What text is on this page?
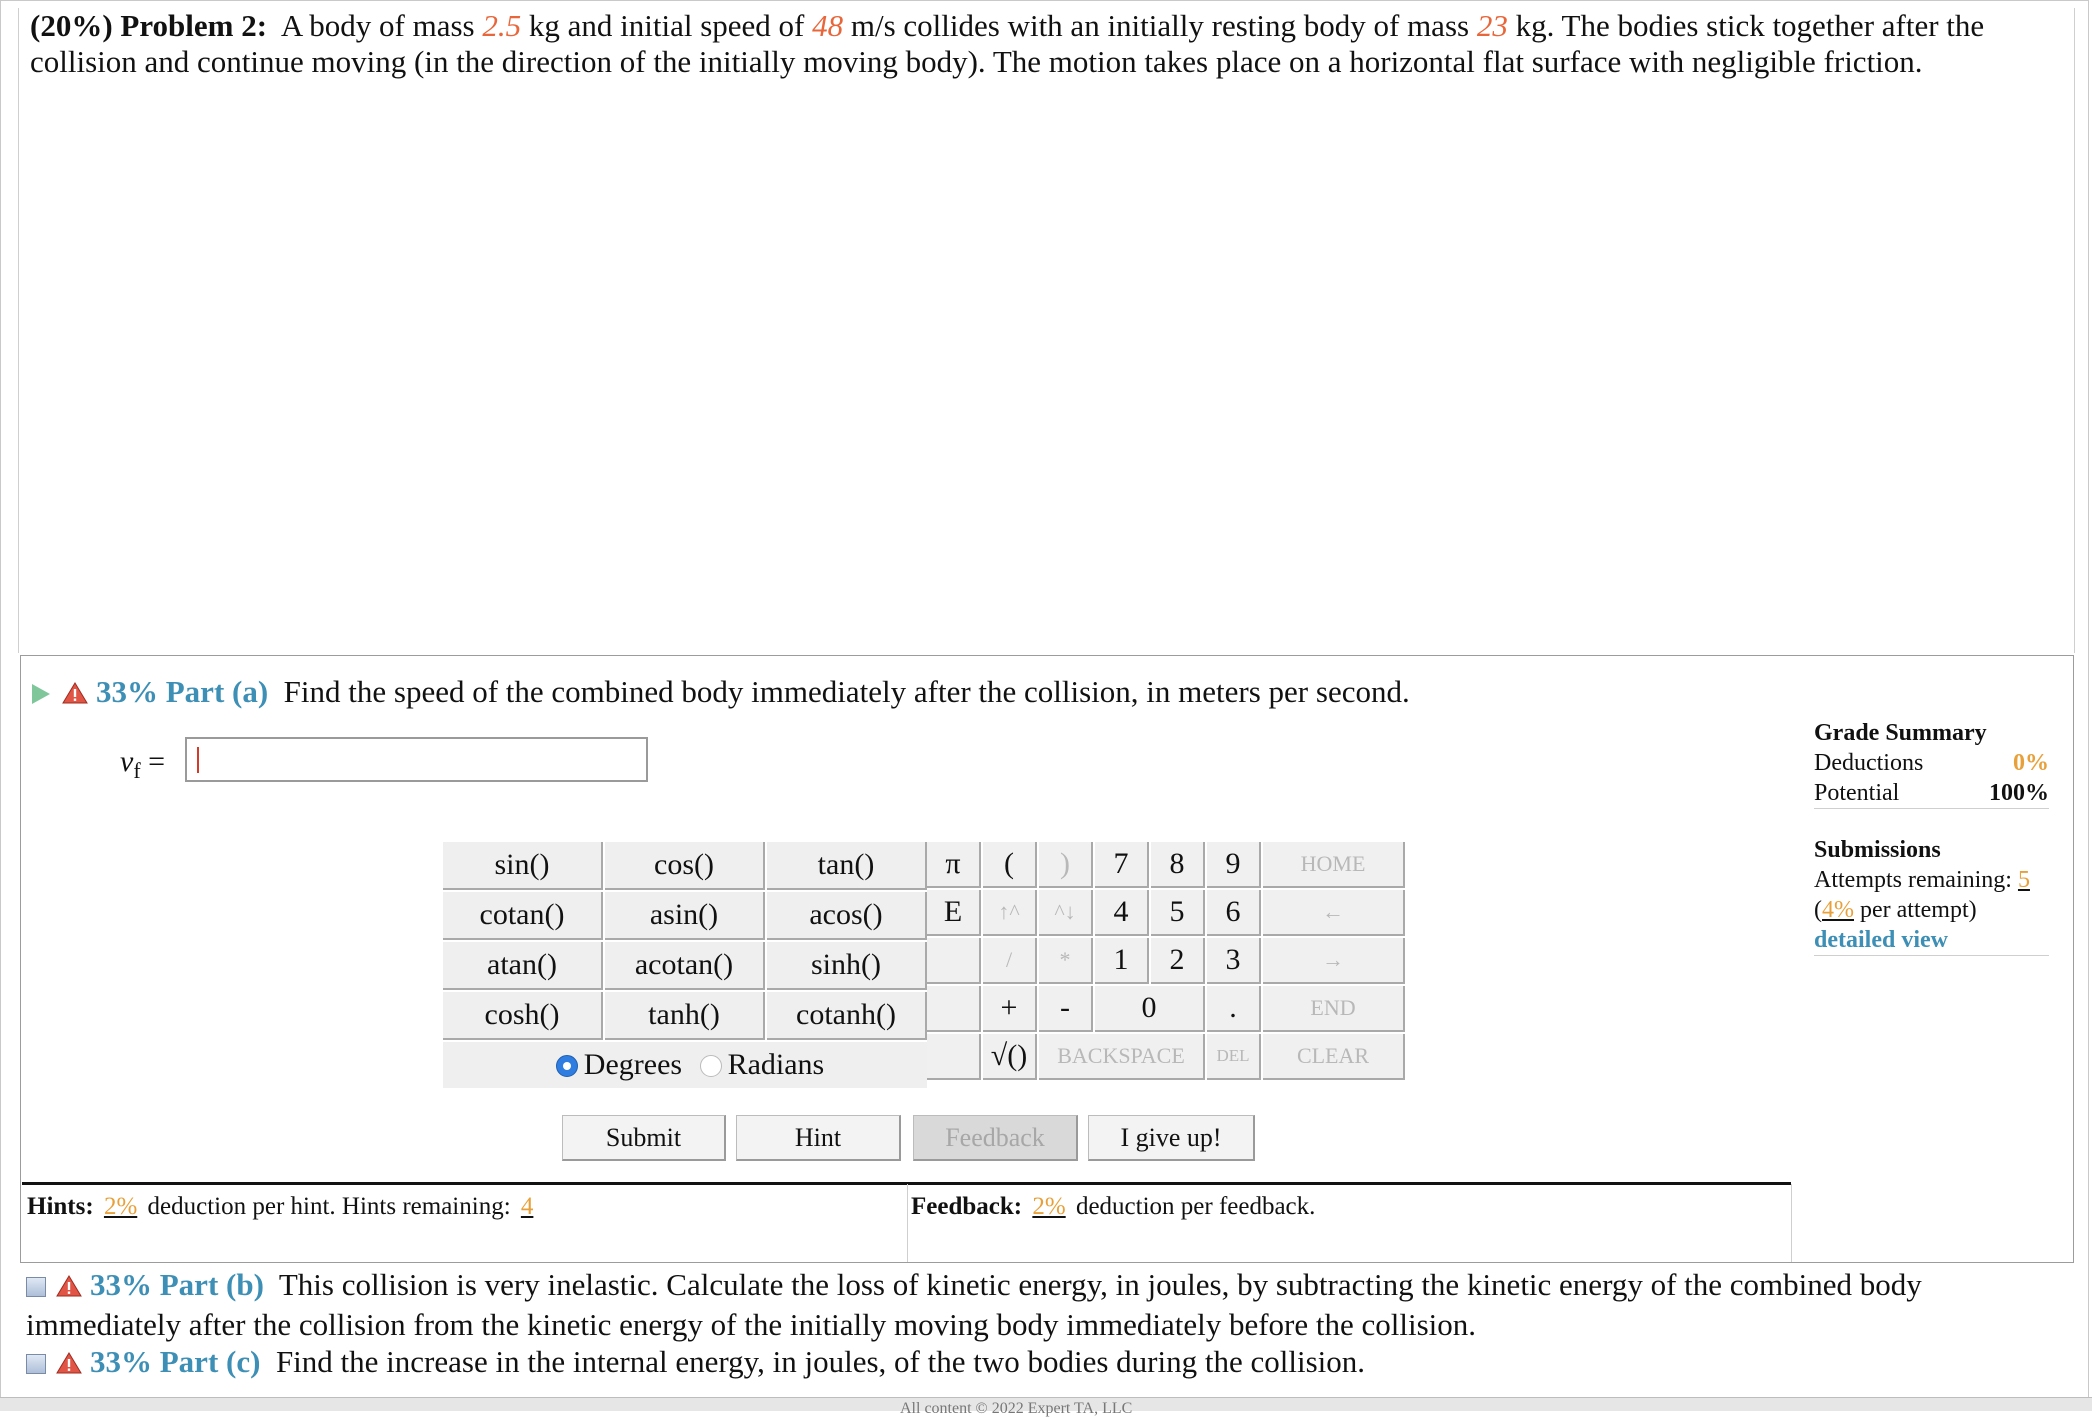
(20%) Problem 2: A body of mass 2.5 kg and initial speed of 48 m/s collides with an initially resting body of mass 23 kg. The bodies stick together after the collision and continue moving (in the direction of the initially moving body). The motion takes place on a horizontal flat surface with negligible friction.
33% Part (a) Find the speed of the combined body immediately after the collision, in meters per second.
$v_f$ =
sin()	cos()	tan()
cotan()	asin()	acos()
atan()	acotan()	sinh()
cosh()	tanh()	cotanh()
Degrees Radians		
π	(	)	7	8	9	HOME
E	↑^	^↓	4	5	6	←
	/	*	1	2	3	→
	+	-	0		.	END
	√()	BACKSPACE			DEL	CLEAR
Submit	Hint	Feedback	I give up!
Hints: 2% deduction per hint. Hints remaining: 4	Feedback: 2% deduction per feedback.
Grade Summary
Deductions	0%
Potential	100%
Submissions
Attempts remaining: 5
(4% per attempt)
detailed view
33% Part (b) This collision is very inelastic. Calculate the loss of kinetic energy, in joules, by subtracting the kinetic energy of the combined body immediately after the collision from the kinetic energy of the initially moving body immediately before the collision.
33% Part (c) Find the increase in the internal energy, in joules, of the two bodies during the collision.
All content © 2022 Expert TA, LLC
